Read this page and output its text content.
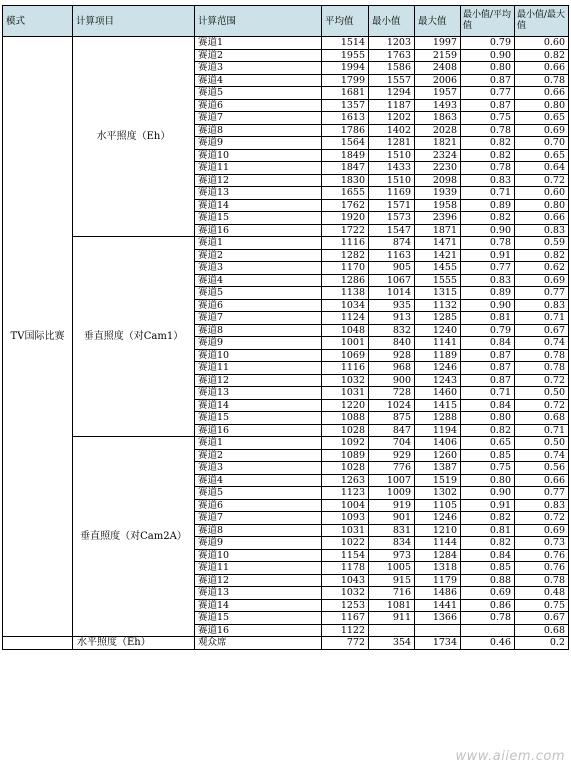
模式	计算项目	计算范围	平均值	最小值	最大值	最小值/平均值	最小值/最大值
TV国际比赛	水平照度（Eh）	赛道1	1514	1203	1997	0.79	0.60
		赛道2	1955	1763	2159	0.90	0.82
		赛道3	1994	1586	2408	0.80	0.66
		赛道4	1799	1557	2006	0.87	0.78
		赛道5	1681	1294	1957	0.77	0.66
		赛道6	1357	1187	1493	0.87	0.80
		赛道7	1613	1202	1863	0.75	0.65
		赛道8	1786	1402	2028	0.78	0.69
		赛道9	1564	1281	1821	0.82	0.70
		赛道10	1849	1510	2324	0.82	0.65
		赛道11	1847	1433	2230	0.78	0.64
		赛道12	1830	1510	2098	0.83	0.72
		赛道13	1655	1169	1939	0.71	0.60
		赛道14	1762	1571	1958	0.89	0.80
		赛道15	1920	1573	2396	0.82	0.66
		赛道16	1722	1547	1871	0.90	0.83
	垂直照度（对Cam1）	赛道1	1116	874	1471	0.78	0.59
		赛道2	1282	1163	1421	0.91	0.82
		赛道3	1170	905	1455	0.77	0.62
		赛道4	1286	1067	1555	0.83	0.69
		赛道5	1138	1014	1315	0.89	0.77
		赛道6	1034	935	1132	0.90	0.83
		赛道7	1124	913	1285	0.81	0.71
		赛道8	1048	832	1240	0.79	0.67
		赛道9	1001	840	1141	0.84	0.74
		赛道10	1069	928	1189	0.87	0.78
		赛道11	1116	968	1246	0.87	0.78
		赛道12	1032	900	1243	0.87	0.72
		赛道13	1031	728	1460	0.71	0.50
		赛道14	1220	1024	1415	0.84	0.72
		赛道15	1088	875	1288	0.80	0.68
		赛道16	1028	847	1194	0.82	0.71
	垂直照度（对Cam2A）	赛道1	1092	704	1406	0.65	0.50
		赛道2	1089	929	1260	0.85	0.74
		赛道3	1028	776	1387	0.75	0.56
		赛道4	1263	1007	1519	0.80	0.66
		赛道5	1123	1009	1302	0.90	0.77
		赛道6	1004	919	1105	0.91	0.83
		赛道7	1093	901	1246	0.82	0.72
		赛道8	1031	831	1210	0.81	0.69
		赛道9	1022	834	1144	0.82	0.73
		赛道10	1154	973	1284	0.84	0.76
		赛道11	1178	1005	1318	0.85	0.76
		赛道12	1043	915	1179	0.88	0.78
		赛道13	1032	716	1486	0.69	0.48
		赛道14	1253	1081	1441	0.86	0.75
		赛道15	1167	911	1366	0.78	0.67
		赛道16	1122				0.68
	水平照度（Eh）	观众席	772	354	1734	0.46	0.2
www.aiiem.com
